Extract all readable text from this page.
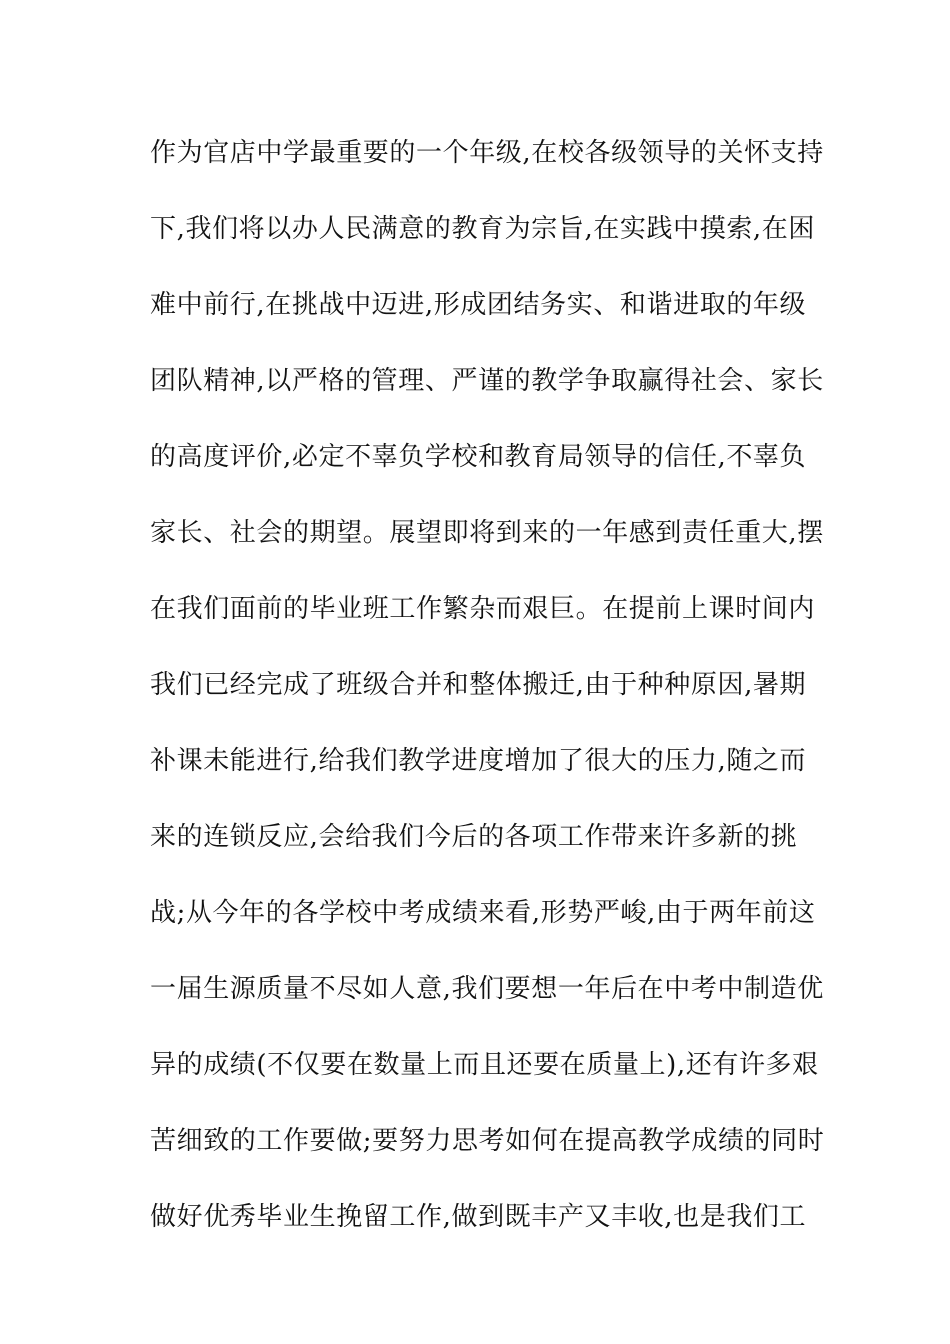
作为官店中学最重要的一个年级,在校各级领导的关怀支持
下,我们将以办人民满意的教育为宗旨,在实践中摸索,在困
难中前行,在挑战中迈进,形成团结务实、和谐进取的年级
团队精神,以严格的管理、严谨的教学争取赢得社会、家长
的高度评价,必定不辜负学校和教育局领导的信任,不辜负
家长、社会的期望。展望即将到来的一年感到责任重大,摆
在我们面前的毕业班工作繁杂而艰巨。在提前上课时间内
我们已经完成了班级合并和整体搬迁,由于种种原因,暑期
补课未能进行,给我们教学进度增加了很大的压力,随之而
来的连锁反应,会给我们今后的各项工作带来许多新的挑
战;从今年的各学校中考成绩来看,形势严峻,由于两年前这
一届生源质量不尽如人意,我们要想一年后在中考中制造优
异的成绩(不仅要在数量上而且还要在质量上),还有许多艰
苦细致的工作要做;要努力思考如何在提高教学成绩的同时
做好优秀毕业生挽留工作,做到既丰产又丰收,也是我们工
